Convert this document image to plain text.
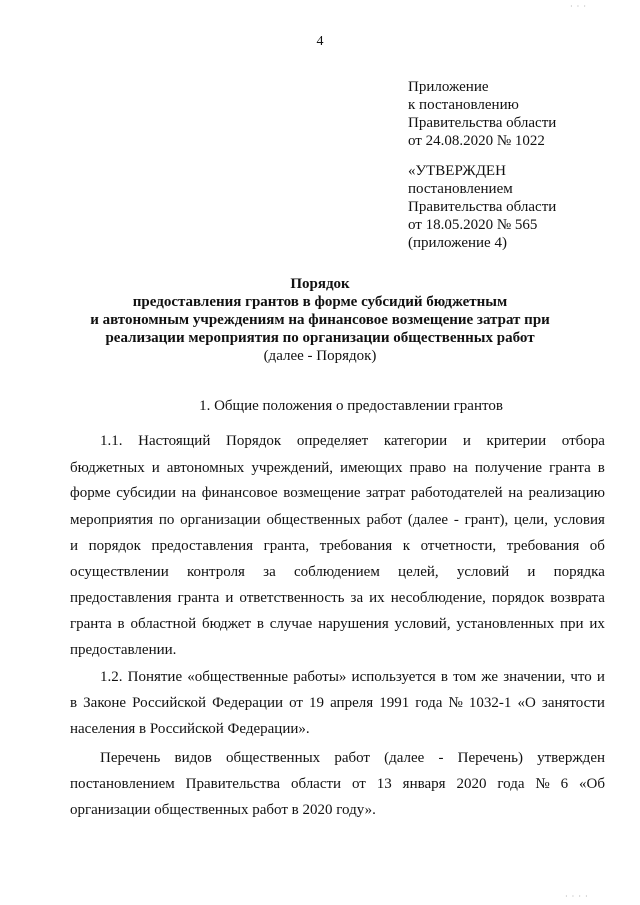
4
Приложение
к постановлению
Правительства области
от 24.08.2020 № 1022
«УТВЕРЖДЕН
постановлением
Правительства области
от 18.05.2020 № 565
(приложение 4)
Порядок
предоставления грантов в форме субсидий бюджетным
и автономным учреждениям на финансовое возмещение затрат при
реализации мероприятия по организации общественных работ
(далее - Порядок)
1. Общие положения о предоставлении грантов
1.1. Настоящий Порядок определяет категории и критерии отбора
бюджетных и автономных учреждений, имеющих право на получение гранта в
форме субсидии на финансовое возмещение затрат работодателей на реализацию
мероприятия по организации общественных работ (далее - грант), цели, условия
и порядок предоставления гранта, требования к отчетности, требования об
осуществлении контроля за соблюдением целей, условий и порядка
предоставления гранта и ответственность за их несоблюдение, порядок возврата
гранта в областной бюджет в случае нарушения условий, установленных при их
предоставлении.
1.2. Понятие «общественные работы» используется в том же значении, что и
в Законе Российской Федерации от 19 апреля 1991 года № 1032-1 «О занятости
населения в Российской Федерации».
Перечень видов общественных работ (далее - Перечень) утвержден
постановлением Правительства области от 13 января 2020 года № 6 «Об
организации общественных работ в 2020 году».
· · ·
· · · ·
